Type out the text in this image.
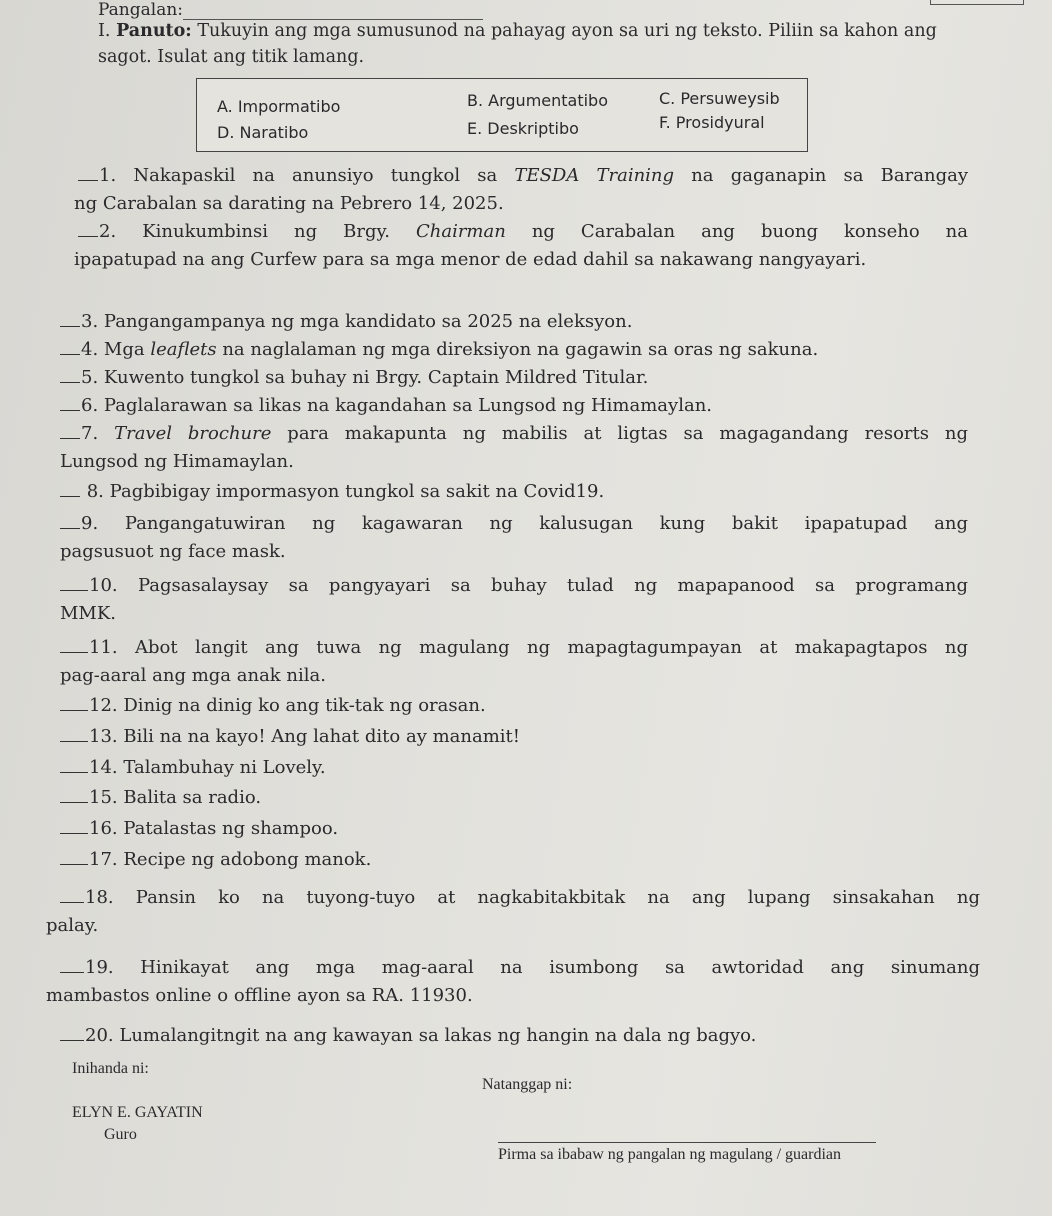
Pangalan:
I. Panuto: Tukuyin ang mga sumusunod na pahayag ayon sa uri ng teksto. Piliin sa kahon ang sagot. Isulat ang titik lamang.
A. Impormatibo	B. Argumentatibo	C. Persuweysib
D. Naratibo	E. Deskriptibo	F. Prosidyural
1. Nakapaskil na anunsiyo tungkol sa TESDA Training na gaganapin sa Barangay
ng Carabalan sa darating na Pebrero 14, 2025.
2. Kinukumbinsi ng Brgy. Chairman ng Carabalan ang buong konseho na
ipapatupad na ang Curfew para sa mga menor de edad dahil sa nakawang nangyayari.
3. Pangangampanya ng mga kandidato sa 2025 na eleksyon.
4. Mga leaflets na naglalaman ng mga direksiyon na gagawin sa oras ng sakuna.
5. Kuwento tungkol sa buhay ni Brgy. Captain Mildred Titular.
6. Paglalarawan sa likas na kagandahan sa Lungsod ng Himamaylan.
7. Travel brochure para makapunta ng mabilis at ligtas sa magagandang resorts ng
Lungsod ng Himamaylan.
8. Pagbibigay impormasyon tungkol sa sakit na Covid19.
9. Pangangatuwiran ng kagawaran ng kalusugan kung bakit ipapatupad ang
pagsusuot ng face mask.
10. Pagsasalaysay sa pangyayari sa buhay tulad ng mapapanood sa programang
MMK.
11. Abot langit ang tuwa ng magulang ng mapagtagumpayan at makapagtapos ng
pag-aaral ang mga anak nila.
12. Dinig na dinig ko ang tik-tak ng orasan.
13. Bili na na kayo! Ang lahat dito ay manamit!
14. Talambuhay ni Lovely.
15. Balita sa radio.
16. Patalastas ng shampoo.
17. Recipe ng adobong manok.
18. Pansin ko na tuyong-tuyo at nagkabitakbitak na ang lupang sinsakahan ng
palay.
19. Hinikayat ang mga mag-aaral na isumbong sa awtoridad ang sinumang
mambastos online o offline ayon sa RA. 11930.
20. Lumalangitngit na ang kawayan sa lakas ng hangin na dala ng bagyo.
Inihanda ni:
Natanggap ni:
ELYN E. GAYATIN
Guro
Pirma sa ibabaw ng pangalan ng magulang / guardian
